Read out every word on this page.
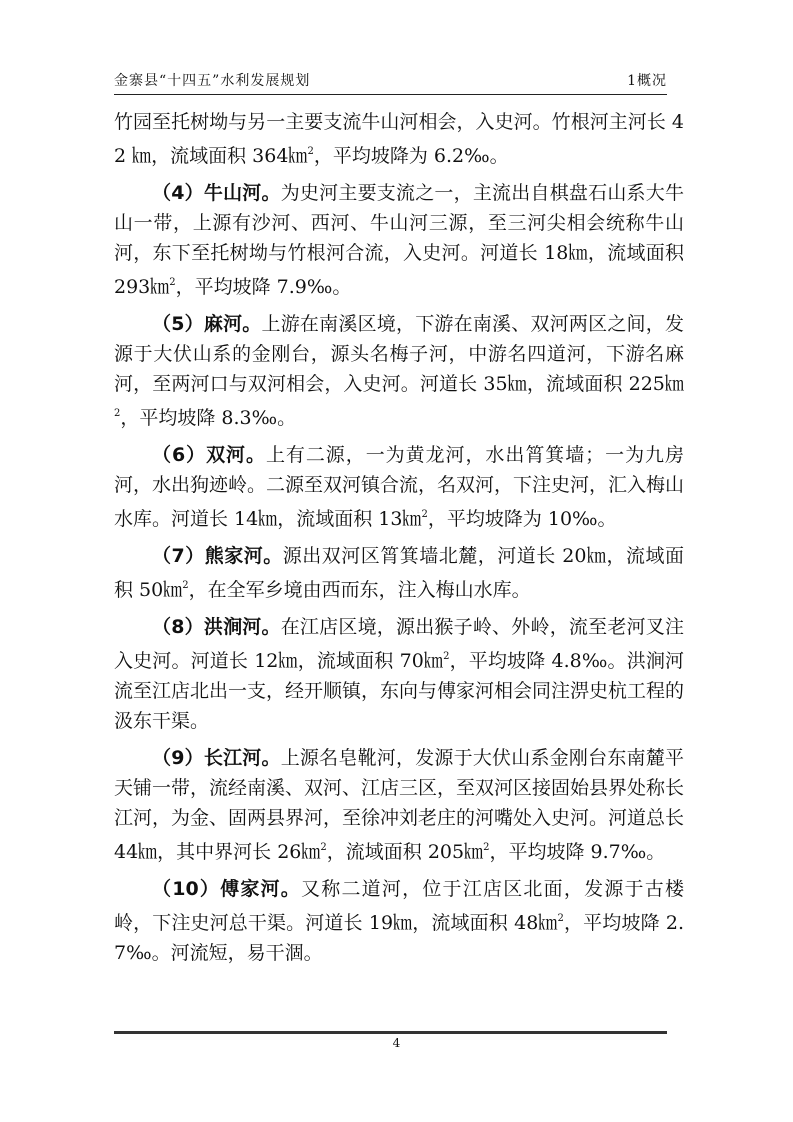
金寨县“十四五”水利发展规划	1概况

竹园至托树坳与另一主要支流牛山河相会，入史河。竹根河主河长 42 ㎞，流域面积 364㎞$^2$，平均坡降为 6.2‰。

（4）牛山河。为史河主要支流之一，主流出自棋盘石山系大牛山一带，上源有沙河、西河、牛山河三源，至三河尖相会统称牛山河，东下至托树坳与竹根河合流，入史河。河道长 18㎞，流域面积 293㎞$^2$，平均坡降 7.9‰。

（5）麻河。上游在南溪区境，下游在南溪、双河两区之间，发源于大伏山系的金刚台，源头名梅子河，中游名四道河，下游名麻河，至两河口与双河相会，入史河。河道长 35㎞，流域面积 225㎞$^2$，平均坡降 8.3‰。

（6）双河。上有二源，一为黄龙河，水出筲箕墙；一为九房河，水出狗迹岭。二源至双河镇合流，名双河，下注史河，汇入梅山水库。河道长 14㎞，流域面积 13㎞$^2$，平均坡降为 10‰。

（7）熊家河。源出双河区筲箕墙北麓，河道长 20㎞，流域面积 50㎞$^2$，在全军乡境由西而东，注入梅山水库。

（8）洪涧河。在江店区境，源出猴子岭、外岭，流至老河叉注入史河。河道长 12㎞，流域面积 70㎞$^2$，平均坡降 4.8‰。洪涧河流至江店北出一支，经开顺镇，东向与傅家河相会同注淠史杭工程的汲东干渠。

（9）长江河。上源名皂靴河，发源于大伏山系金刚台东南麓平天铺一带，流经南溪、双河、江店三区，至双河区接固始县界处称长江河，为金、固两县界河，至徐冲刘老庄的河嘴处入史河。河道总长 44㎞，其中界河长 26㎞$^2$，流域面积 205㎞$^2$，平均坡降 9.7‰。

（10）傅家河。又称二道河，位于江店区北面，发源于古楼岭，下注史河总干渠。河道长 19㎞，流域面积 48㎞$^2$，平均坡降 2.7‰。河流短，易干涸。

4
